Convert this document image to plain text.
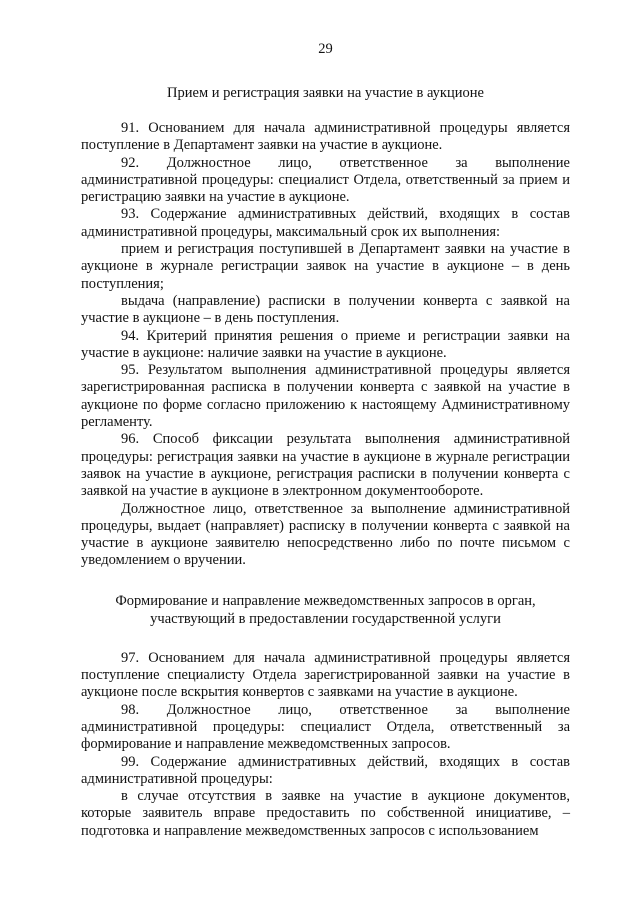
29

Прием и регистрация заявки на участие в аукционе

91. Основанием для начала административной процедуры является поступление в Департамент заявки на участие в аукционе.

92. Должностное лицо, ответственное за выполнение административной процедуры: специалист Отдела, ответственный за прием и регистрацию заявки на участие в аукционе.

93. Содержание административных действий, входящих в состав административной процедуры, максимальный срок их выполнения:

прием и регистрация поступившей в Департамент заявки на участие в аукционе в журнале регистрации заявок на участие в аукционе – в день поступления;

выдача (направление) расписки в получении конверта с заявкой на участие в аукционе – в день поступления.

94. Критерий принятия решения о приеме и регистрации заявки на участие в аукционе: наличие заявки на участие в аукционе.

95. Результатом выполнения административной процедуры является зарегистрированная расписка в получении конверта с заявкой на участие в аукционе по форме согласно приложению к настоящему Административному регламенту.

96. Способ фиксации результата выполнения административной процедуры: регистрация заявки на участие в аукционе в журнале регистрации заявок на участие в аукционе, регистрация расписки в получении конверта с заявкой на участие в аукционе в электронном документообороте.

Должностное лицо, ответственное за выполнение административной процедуры, выдает (направляет) расписку в получении конверта с заявкой на участие в аукционе заявителю непосредственно либо по почте письмом с уведомлением о вручении.

Формирование и направление межведомственных запросов в орган,
участвующий в предоставлении государственной услуги

97. Основанием для начала административной процедуры является поступление специалисту Отдела зарегистрированной заявки на участие в аукционе после вскрытия конвертов с заявками на участие в аукционе.

98. Должностное лицо, ответственное за выполнение административной процедуры: специалист Отдела, ответственный за формирование и направление межведомственных запросов.

99. Содержание административных действий, входящих в состав административной процедуры:

в случае отсутствия в заявке на участие в аукционе документов, которые заявитель вправе предоставить по собственной инициативе, – подготовка и направление межведомственных запросов с использованием
